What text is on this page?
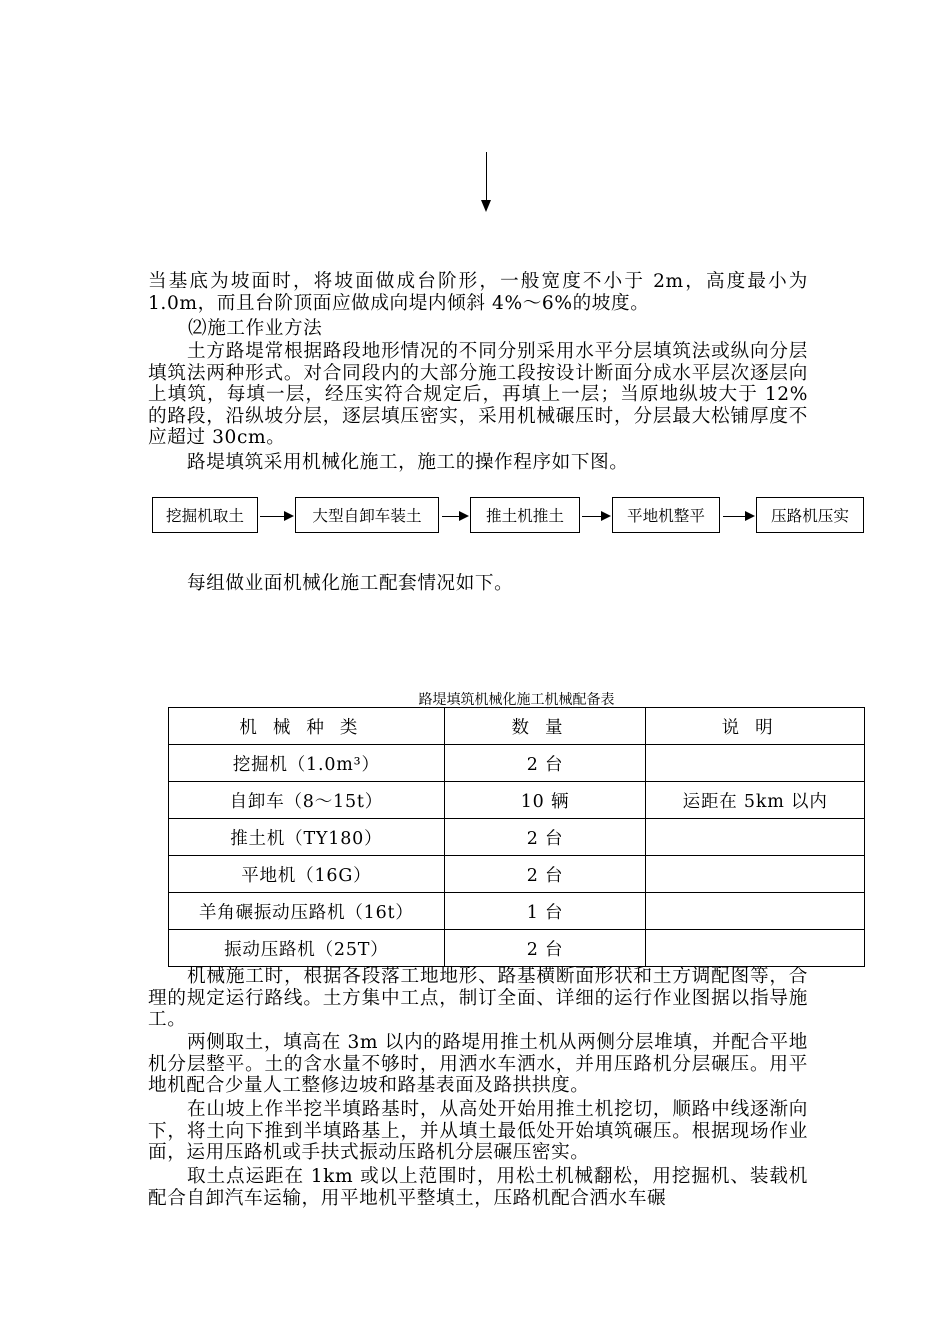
当基底为坡面时，将坡面做成台阶形，一般宽度不小于 2m，高度最小为 1.0m，而且台阶顶面应做成向堤内倾斜 4%～6%的坡度。

⑵施工作业方法

土方路堤常根据路段地形情况的不同分别采用水平分层填筑法或纵向分层填筑法两种形式。对合同段内的大部分施工段按设计断面分成水平层次逐层向上填筑，每填一层，经压实符合规定后，再填上一层；当原地纵坡大于 12%的路段，沿纵坡分层，逐层填压密实，采用机械碾压时，分层最大松铺厚度不应超过 30cm。

路堤填筑采用机械化施工，施工的操作程序如下图。

挖掘机取土	大型自卸车装土	推土机推土	平地机整平	压路机压实

每组做业面机械化施工配套情况如下。

路堤填筑机械化施工机械配备表
机械种类	数量	说明
挖掘机（1.0m³）	2 台	
自卸车（8～15t）	10 辆	运距在 5km 以内
推土机（TY180）	2 台	
平地机（16G）	2 台	
羊角碾振动压路机（16t）	1 台	
振动压路机（25T）	2 台	

机械施工时，根据各段落工地地形、路基横断面形状和土方调配图等，合理的规定运行路线。土方集中工点，制订全面、详细的运行作业图据以指导施工。

两侧取土，填高在 3m 以内的路堤用推土机从两侧分层堆填，并配合平地机分层整平。土的含水量不够时，用洒水车洒水，并用压路机分层碾压。用平地机配合少量人工整修边坡和路基表面及路拱拱度。

在山坡上作半挖半填路基时，从高处开始用推土机挖切，顺路中线逐渐向下，将土向下推到半填路基上，并从填土最低处开始填筑碾压。根据现场作业面，运用压路机或手扶式振动压路机分层碾压密实。

取土点运距在 1km 或以上范围时，用松土机械翻松，用挖掘机、装载机配合自卸汽车运输，用平地机平整填土，压路机配合洒水车碾
